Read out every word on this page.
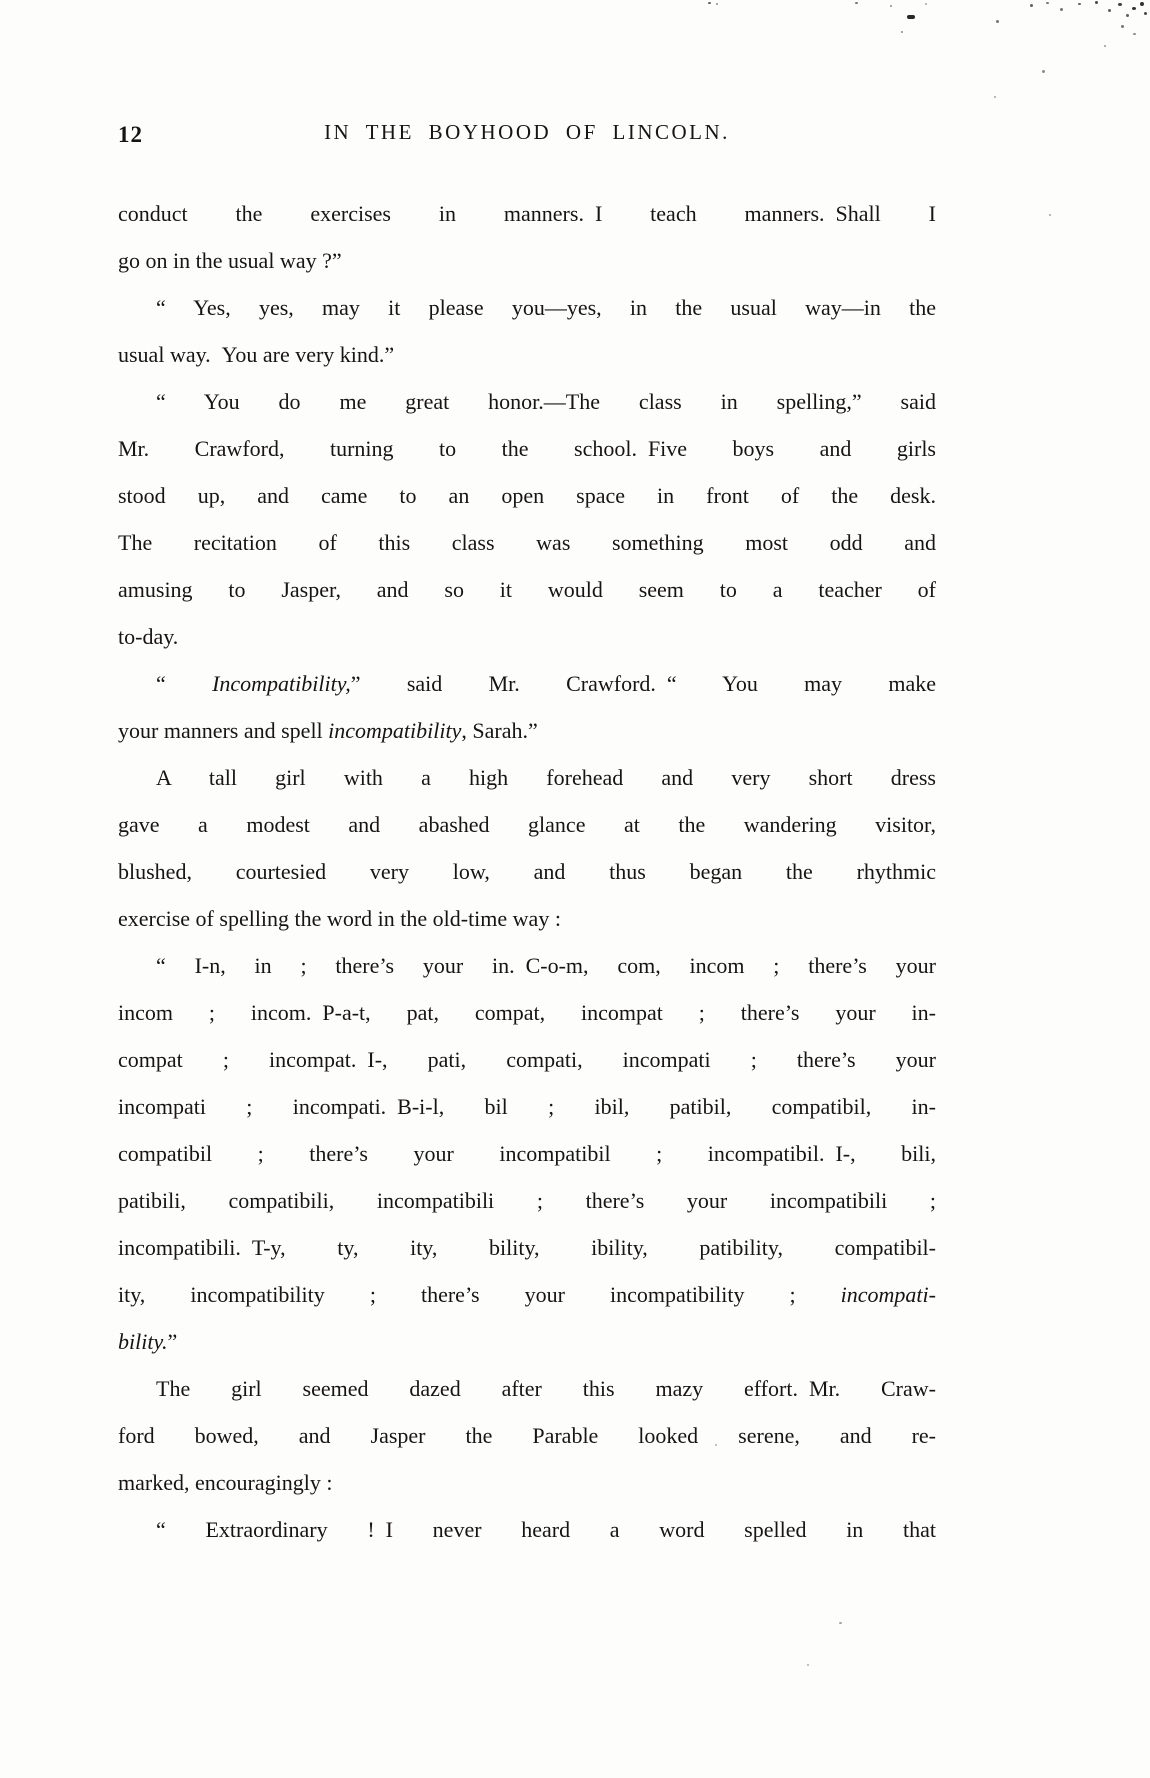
12	IN THE BOYHOOD OF LINCOLN.
conduct the exercises in manners. I teach manners. Shall I
go on in the usual way ?”
“ Yes, yes, may it please you—yes, in the usual way—in the
usual way. You are very kind.”
“ You do me great honor.—The class in spelling,” said
Mr. Crawford, turning to the school. Five boys and girls
stood up, and came to an open space in front of the desk.
The recitation of this class was something most odd and
amusing to Jasper, and so it would seem to a teacher of
to-day.
“ Incompatibility,” said Mr. Crawford. “ You may make
your manners and spell incompatibility, Sarah.”
A tall girl with a high forehead and very short dress
gave a modest and abashed glance at the wandering visitor,
blushed, courtesied very low, and thus began the rhythmic
exercise of spelling the word in the old-time way :
“ I-n, in ; there’s your in. C-o-m, com, incom ; there’s your
incom ; incom. P-a-t, pat, compat, incompat ; there’s your in-
compat ; incompat. I-, pati, compati, incompati ; there’s your
incompati ; incompati. B-i-l, bil ; ibil, patibil, compatibil, in-
compatibil ; there’s your incompatibil ; incompatibil. I-, bili,
patibili, compatibili, incompatibili ; there’s your incompatibili ;
incompatibili. T-y, ty, ity, bility, ibility, patibility, compatibil-
ity, incompatibility ; there’s your incompatibility ; incompati-
bility.”
The girl seemed dazed after this mazy effort. Mr. Craw-
ford bowed, and Jasper the Parable looked serene, and re-
marked, encouragingly :
“ Extraordinary ! I never heard a word spelled in that
